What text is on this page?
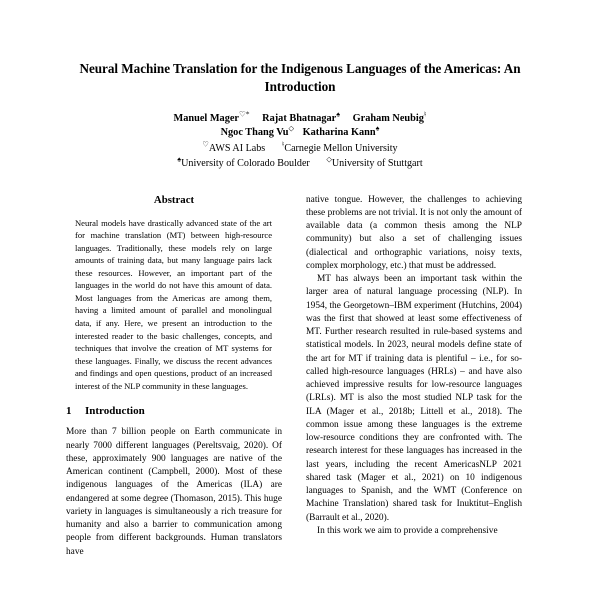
Neural Machine Translation for the Indigenous Languages of the Americas: An Introduction
Manuel Mager♡* Rajat Bhatnagar♠ Graham Neubig♮
Ngoc Thang Vu◇ Katharina Kann♠
♡AWS AI Labs ♮Carnegie Mellon University
♠University of Colorado Boulder ◇University of Stuttgart
Abstract
Neural models have drastically advanced state of the art for machine translation (MT) between high-resource languages. Traditionally, these models rely on large amounts of training data, but many language pairs lack these resources. However, an important part of the languages in the world do not have this amount of data. Most languages from the Americas are among them, having a limited amount of parallel and monolingual data, if any. Here, we present an introduction to the interested reader to the basic challenges, concepts, and techniques that involve the creation of MT systems for these languages. Finally, we discuss the recent advances and findings and open questions, product of an increased interest of the NLP community in these languages.
1	Introduction

More than 7 billion people on Earth communicate in nearly 7000 different languages (Pereltsvaig, 2020). Of these, approximately 900 languages are native of the American continent (Campbell, 2000). Most of these indigenous languages of the Americas (ILA) are endangered at some degree (Thomason, 2015). This huge variety in languages is simultaneously a rich treasure for humanity and also a barrier to communication among people from different backgrounds. Human translators have

native tongue. However, the challenges to achieving these problems are not trivial. It is not only the amount of available data (a common thesis among the NLP community) but also a set of challenging issues (dialectical and orthographic variations, noisy texts, complex morphology, etc.) that must be addressed.

MT has always been an important task within the larger area of natural language processing (NLP). In 1954, the Georgetown–IBM experiment (Hutchins, 2004) was the first that showed at least some effectiveness of MT. Further research resulted in rule-based systems and statistical models. In 2023, neural models define state of the art for MT if training data is plentiful – i.e., for so-called high-resource languages (HRLs) – and have also achieved impressive results for low-resource languages (LRLs). MT is also the most studied NLP task for the ILA (Mager et al., 2018b; Littell et al., 2018). The common issue among these languages is the extreme low-resource conditions they are confronted with. The research interest for these languages has increased in the last years, including the recent AmericasNLP 2021 shared task (Mager et al., 2021) on 10 indigenous languages to Spanish, and the WMT (Conference on Machine Translation) shared task for Inuktitut–English (Barrault et al., 2020).

In this work we aim to provide a comprehensive
